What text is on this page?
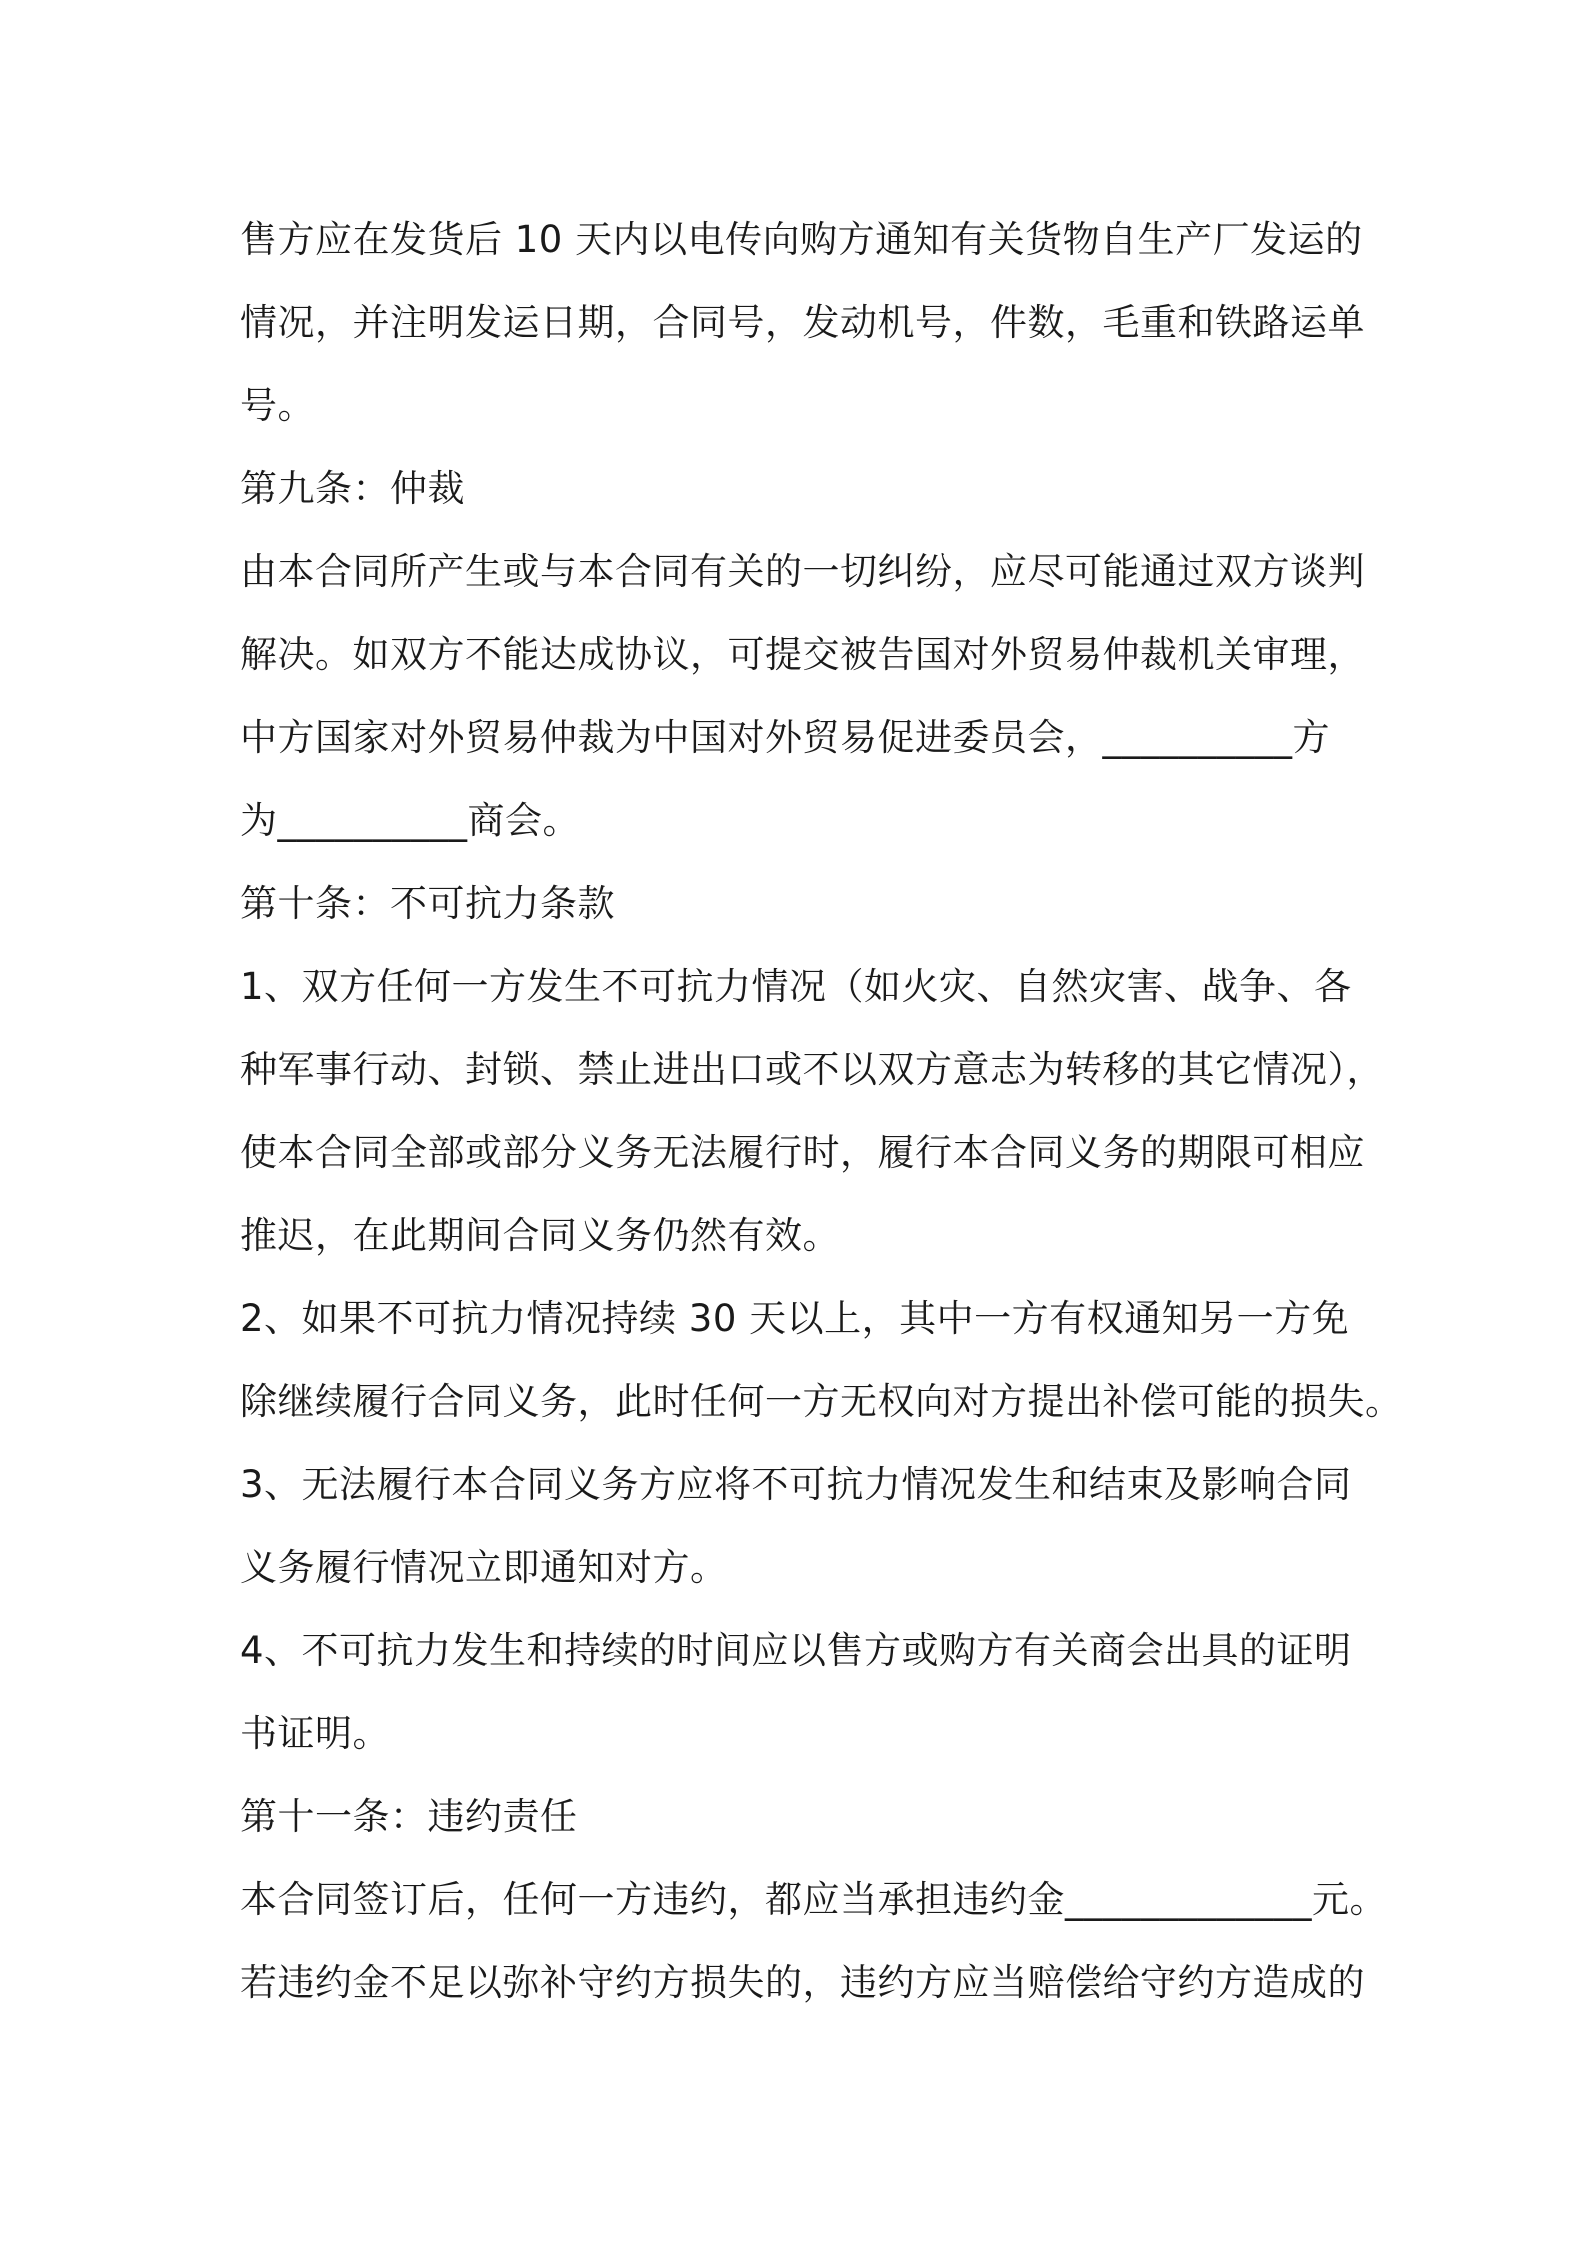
售方应在发货后 10 天内以电传向购方通知有关货物自生产厂发运的
情况，并注明发运日期，合同号，发动机号，件数，毛重和铁路运单
号。
第九条：仲裁
由本合同所产生或与本合同有关的一切纠纷，应尽可能通过双方谈判
解决。如双方不能达成协议，可提交被告国对外贸易仲裁机关审理，
中方国家对外贸易仲裁为中国对外贸易促进委员会，__________方
为__________商会。
第十条：不可抗力条款
1、双方任何一方发生不可抗力情况（如火灾、自然灾害、战争、各
种军事行动、封锁、禁止进出口或不以双方意志为转移的其它情况），
使本合同全部或部分义务无法履行时，履行本合同义务的期限可相应
推迟，在此期间合同义务仍然有效。
2、如果不可抗力情况持续 30 天以上，其中一方有权通知另一方免
除继续履行合同义务，此时任何一方无权向对方提出补偿可能的损失。
3、无法履行本合同义务方应将不可抗力情况发生和结束及影响合同
义务履行情况立即通知对方。
4、不可抗力发生和持续的时间应以售方或购方有关商会出具的证明
书证明。
第十一条：违约责任
本合同签订后，任何一方违约，都应当承担违约金_____________元。
若违约金不足以弥补守约方损失的，违约方应当赔偿给守约方造成的
